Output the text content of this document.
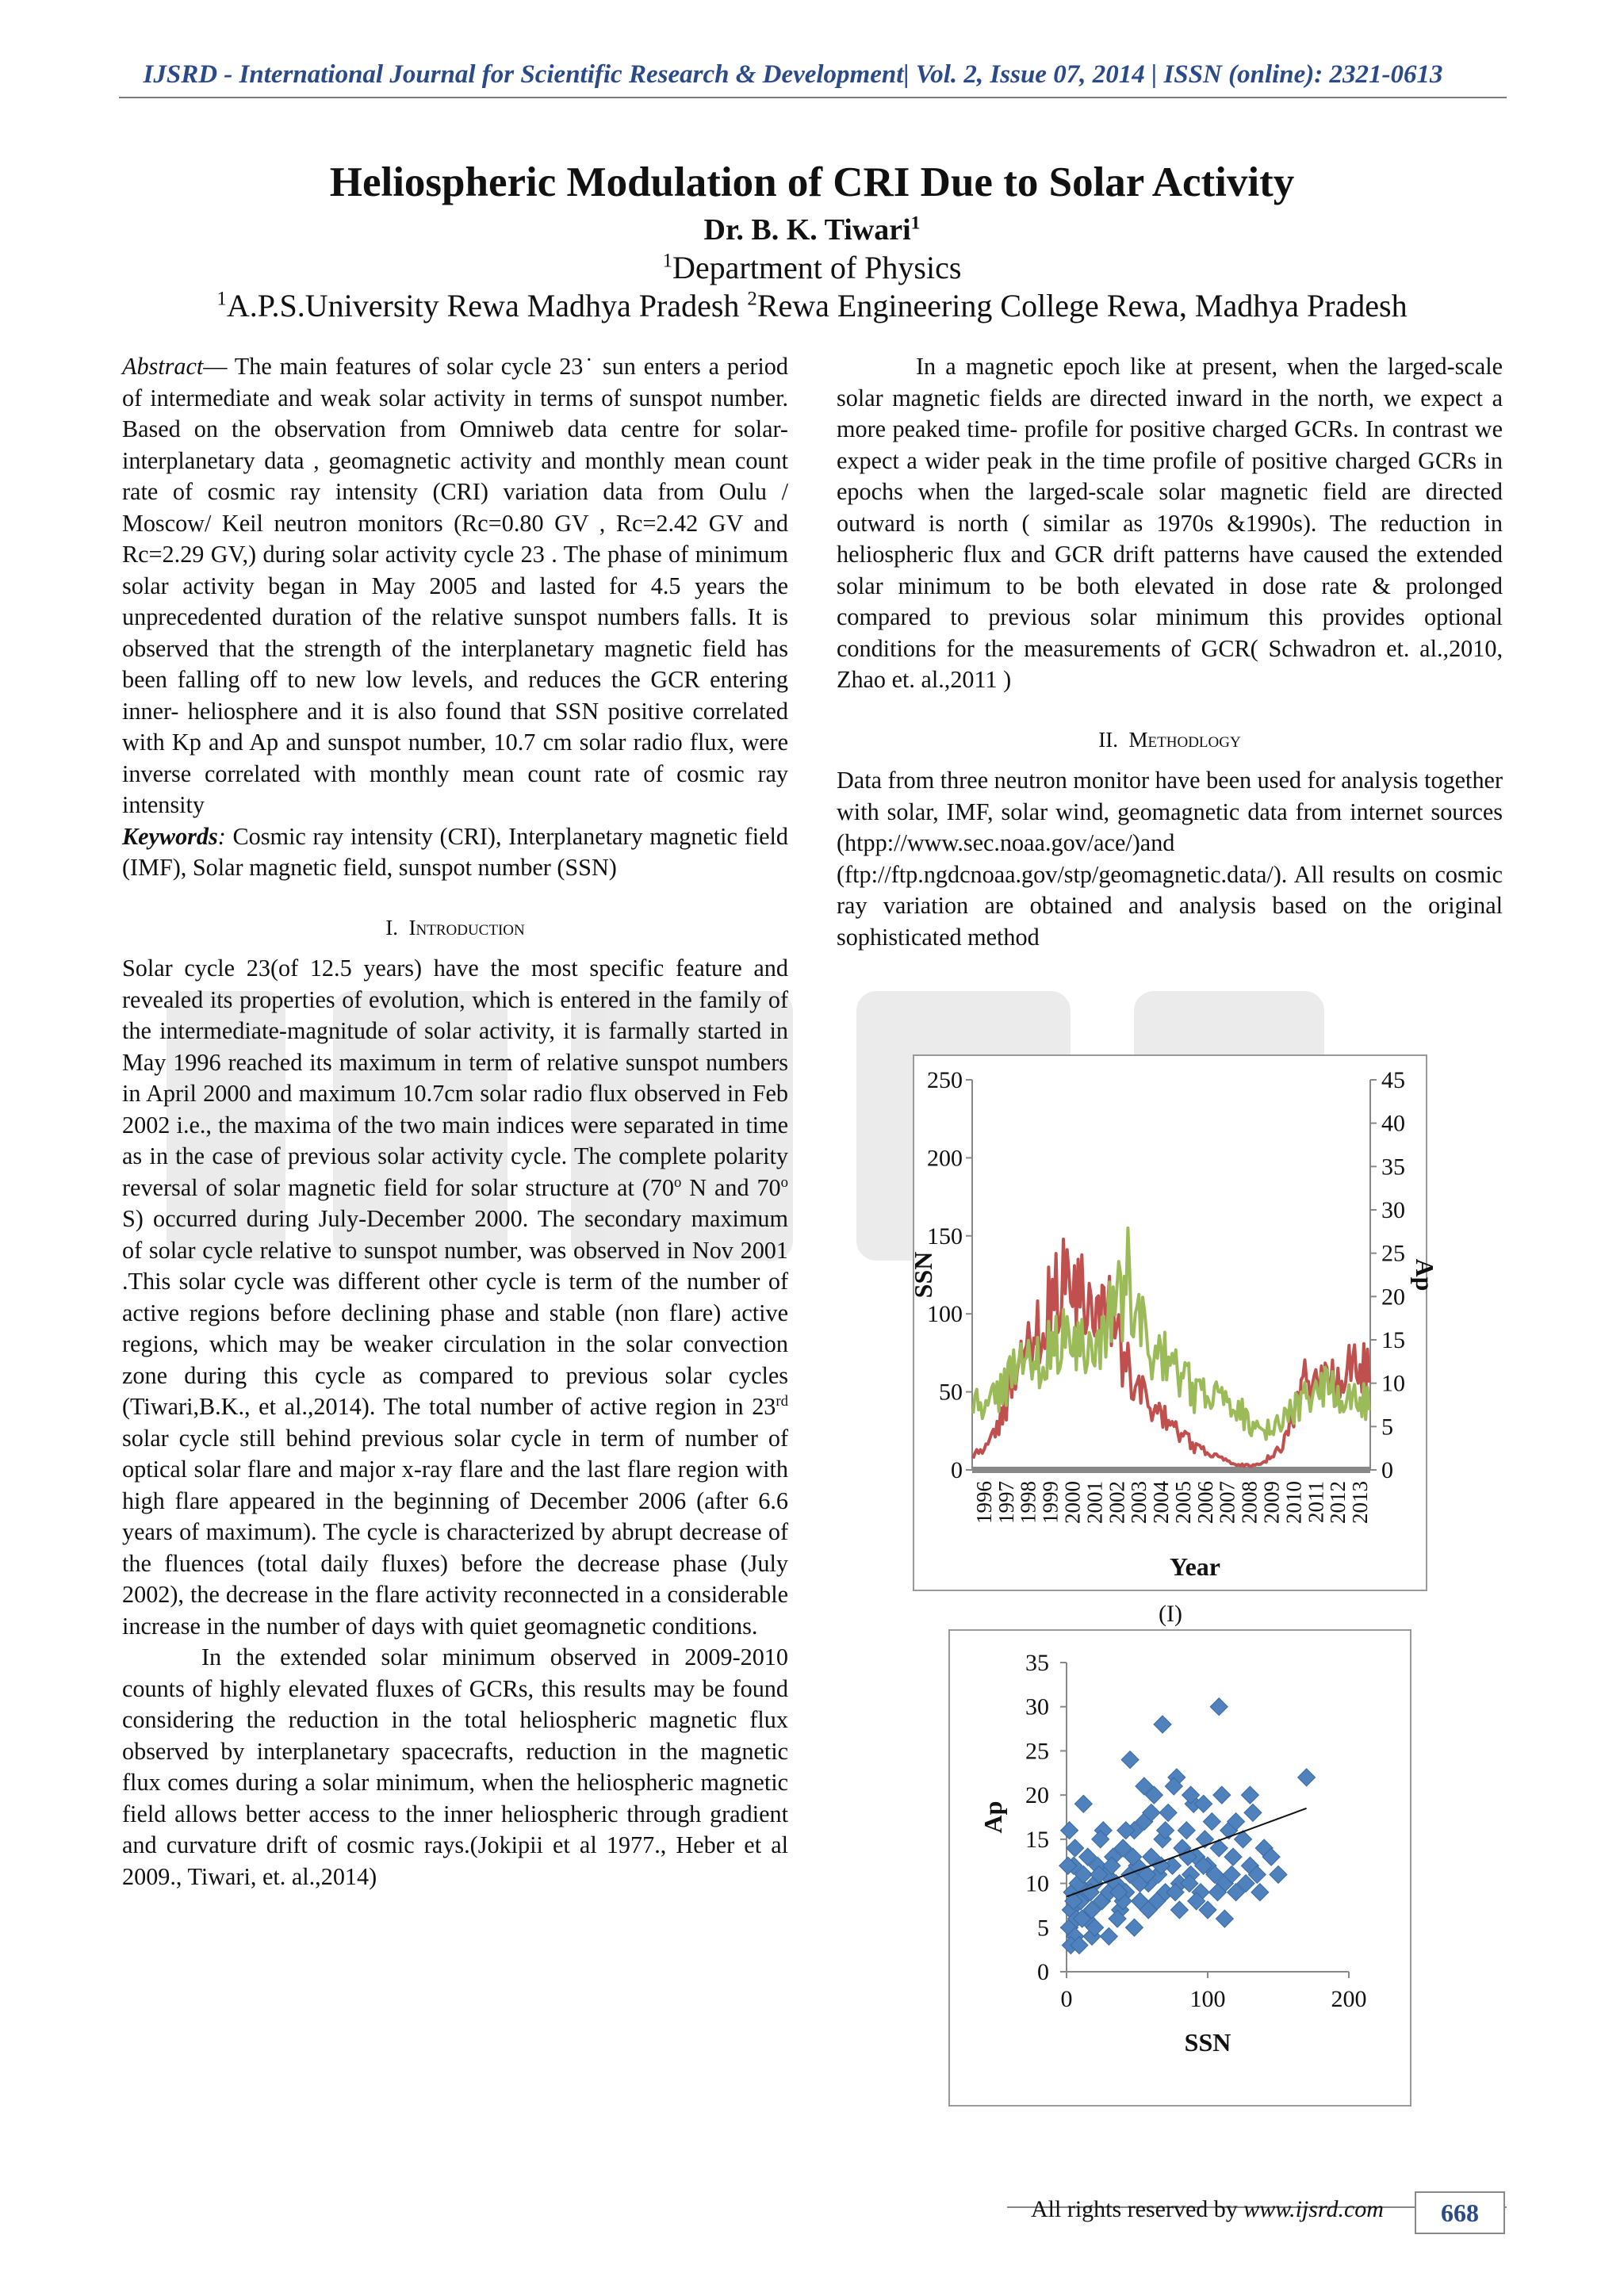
IJSRD - International Journal for Scientific Research & Development| Vol. 2, Issue 07, 2014 | ISSN (online): 2321-0613
Heliospheric Modulation of CRI Due to Solar Activity
Dr. B. K. Tiwari$^1$
$^1$Department of Physics
$^1$A.P.S.University Rewa Madhya Pradesh $^2$Rewa Engineering College Rewa, Madhya Pradesh

Abstract— The main features of solar cycle 23˙ sun enters a period of intermediate and weak solar activity in terms of sunspot number. Based on the observation from Omniweb data centre for solar- interplanetary data , geomagnetic activity and monthly mean count rate of cosmic ray intensity (CRI) variation data from Oulu / Moscow/ Keil neutron monitors (Rc=0.80 GV , Rc=2.42 GV and Rc=2.29 GV,) during solar activity cycle 23 . The phase of minimum solar activity began in May 2005 and lasted for 4.5 years the unprecedented duration of the relative sunspot numbers falls. It is observed that the strength of the interplanetary magnetic field has been falling off to new low levels, and reduces the GCR entering inner- heliosphere and it is also found that SSN positive correlated with Kp and Ap and sunspot number, 10.7 cm solar radio flux, were inverse correlated with monthly mean count rate of cosmic ray intensity

Keywords: Cosmic ray intensity (CRI), Interplanetary magnetic field (IMF), Solar magnetic field, sunspot number (SSN)

I. Introduction

Solar cycle 23(of 12.5 years) have the most specific feature and revealed its properties of evolution, which is entered in the family of the intermediate-magnitude of solar activity, it is farmally started in May 1996 reached its maximum in term of relative sunspot numbers in April 2000 and maximum 10.7cm solar radio flux observed in Feb 2002 i.e., the maxima of the two main indices were separated in time as in the case of previous solar activity cycle. The complete polarity reversal of solar magnetic field for solar structure at (70$^o$ N and 70$^o$ S) occurred during July-December 2000. The secondary maximum of solar cycle relative to sunspot number, was observed in Nov 2001 .This solar cycle was different other cycle is term of the number of active regions before declining phase and stable (non flare) active regions, which may be weaker circulation in the solar convection zone during this cycle as compared to previous solar cycles (Tiwari,B.K., et al.,2014). The total number of active region in 23rd solar cycle still behind previous solar cycle in term of number of optical solar flare and major x-ray flare and the last flare region with high flare appeared in the beginning of December 2006 (after 6.6 years of maximum). The cycle is characterized by abrupt decrease of the fluences (total daily fluxes) before the decrease phase (July 2002), the decrease in the flare activity reconnected in a considerable increase in the number of days with quiet geomagnetic conditions.

In the extended solar minimum observed in 2009-2010 counts of highly elevated fluxes of GCRs, this results may be found considering the reduction in the total heliospheric magnetic flux observed by interplanetary spacecrafts, reduction in the magnetic flux comes during a solar minimum, when the heliospheric magnetic field allows better access to the inner heliospheric through gradient and curvature drift of cosmic rays.(Jokipii et al 1977., Heber et al 2009., Tiwari, et. al.,2014)

In a magnetic epoch like at present, when the larged-scale solar magnetic fields are directed inward in the north, we expect a more peaked time- profile for positive charged GCRs. In contrast we expect a wider peak in the time profile of positive charged GCRs in epochs when the larged-scale solar magnetic field are directed outward is north ( similar as 1970s &1990s). The reduction in heliospheric flux and GCR drift patterns have caused the extended solar minimum to be both elevated in dose rate & prolonged compared to previous solar minimum this provides optional conditions for the measurements of GCR( Schwadron et. al.,2010, Zhao et. al.,2011 )

II. Methodlogy

Data from three neutron monitor have been used for analysis together with solar, IMF, solar wind, geomagnetic data from internet sources (htpp://www.sec.noaa.gov/ace/)and (ftp://ftp.ngdcnoaa.gov/stp/geomagnetic.data/). All results on cosmic ray variation are obtained and analysis based on the original sophisticated method

0
50
100
150
200
250
0
5
10
15
20
25
30
35
40
45
1996
1997
1998
1999
2000
2001
2002
2003
2004
2005
2006
2007
2008
2009
2010
2011
2012
2013
SSN	Ap
Year
(I)
0
5
10
15
20
25
30
35
0	100	200
Ap
SSN
All rights reserved by www.ijsrd.com	668
